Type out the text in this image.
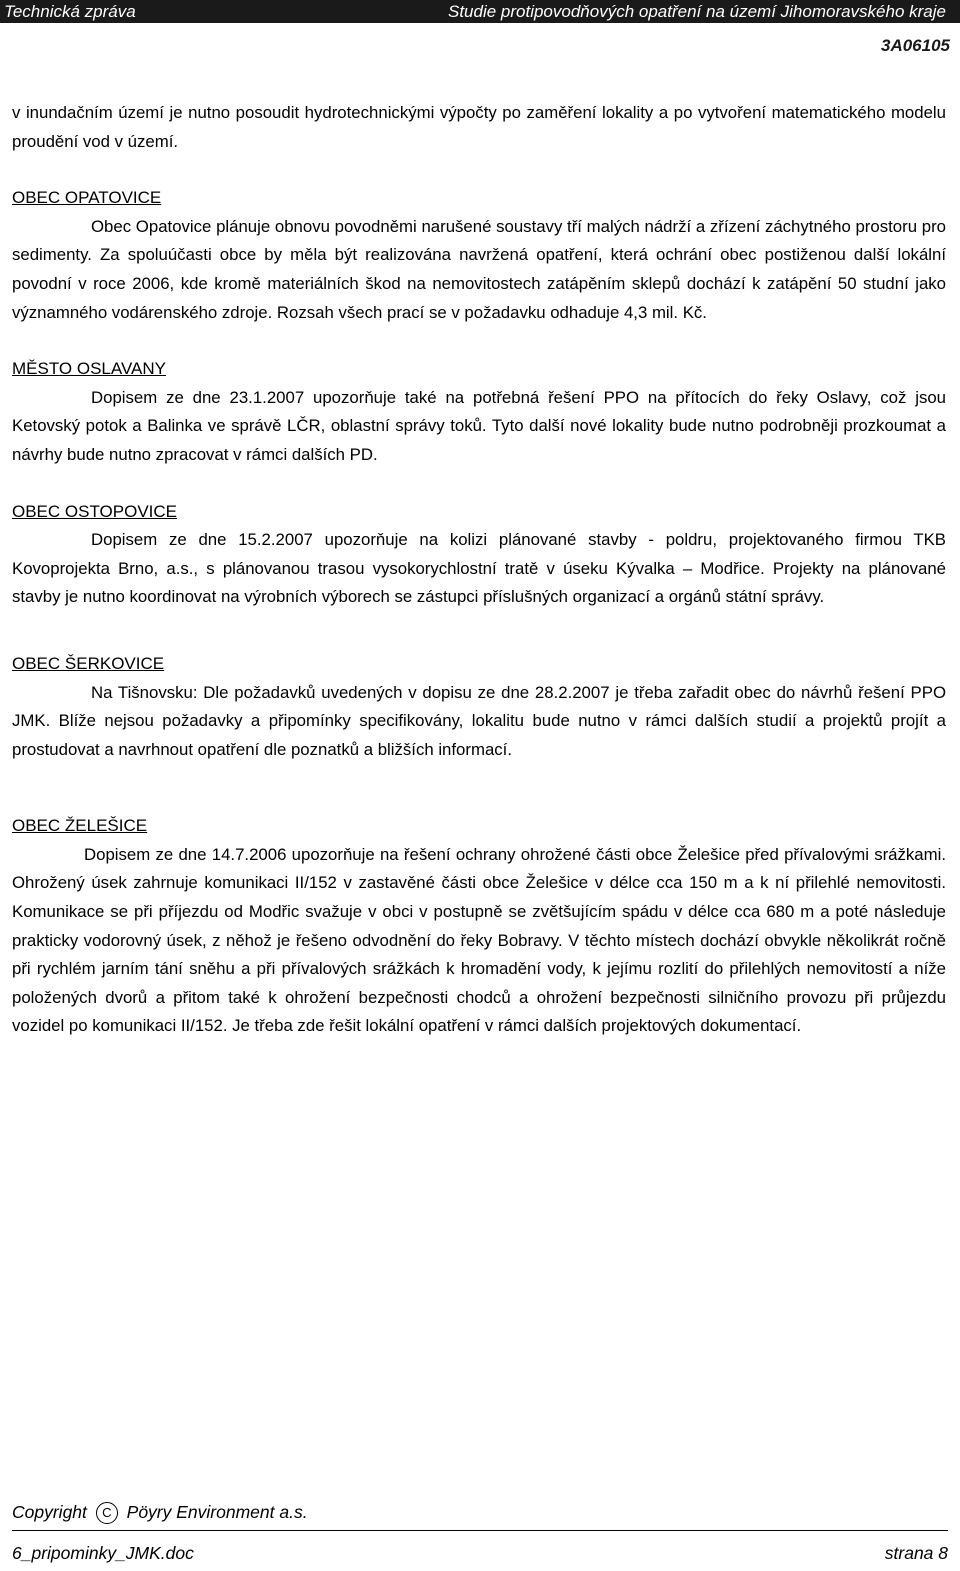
Technická zpráva	Studie protipovodňových opatření na území Jihomoravského kraje
3A06105

v inundačním území je nutno posoudit hydrotechnickými výpočty po zaměření lokality a po vytvoření matematického modelu proudění vod v území.

OBEC OPATOVICE

Obec Opatovice plánuje obnovu povodněmi narušené soustavy tří malých nádrží a zřízení záchytného prostoru pro sedimenty. Za spoluúčasti obce by měla být realizována navržená opatření, která ochrání obec postiženou další lokální povodní v roce 2006, kde kromě materiálních škod na nemovitostech zatápěním sklepů dochází k zatápění 50 studní jako významného vodárenského zdroje. Rozsah všech prací se v požadavku odhaduje 4,3 mil. Kč.

MĚSTO OSLAVANY

Dopisem ze dne 23.1.2007 upozorňuje také na potřebná řešení PPO na přítocích do řeky Oslavy, což jsou Ketovský potok a Balinka ve správě LČR, oblastní správy toků. Tyto další nové lokality bude nutno podrobněji prozkoumat a návrhy bude nutno zpracovat v rámci dalších PD.

OBEC OSTOPOVICE

Dopisem ze dne 15.2.2007 upozorňuje na kolizi plánované stavby - poldru, projektovaného firmou TKB Kovoprojekta Brno, a.s., s plánovanou trasou vysokorychlostní tratě v úseku Kývalka – Modřice. Projekty na plánované stavby je nutno koordinovat na výrobních výborech se zástupci příslušných organizací a orgánů státní správy.

OBEC ŠERKOVICE

Na Tišnovsku: Dle požadavků uvedených v dopisu ze dne 28.2.2007 je třeba zařadit obec do návrhů řešení PPO JMK. Blíže nejsou požadavky a připomínky specifikovány, lokalitu bude nutno v rámci dalších studií a projektů projít a prostudovat a navrhnout opatření dle poznatků a bližších informací.

OBEC ŽELEŠICE

Dopisem ze dne 14.7.2006 upozorňuje na řešení ochrany ohrožené části obce Želešice před přívalovými srážkami. Ohrožený úsek zahrnuje komunikaci II/152 v zastavěné části obce Želešice v délce cca 150 m a k ní přilehlé nemovitosti. Komunikace se při příjezdu od Modřic svažuje v obci v postupně se zvětšujícím spádu v délce cca 680 m a poté následuje prakticky vodorovný úsek, z něhož je řešeno odvodnění do řeky Bobravy. V těchto místech dochází obvykle několikrát ročně při rychlém jarním tání sněhu a při přívalových srážkách k hromadění vody, k jejímu rozlití do přilehlých nemovitostí a níže položených dvorů a přitom také k ohrožení bezpečnosti chodců a ohrožení bezpečnosti silničního provozu při průjezdu vozidel po komunikaci II/152. Je třeba zde řešit lokální opatření v rámci dalších projektových dokumentací.

Copyright C Pöyry Environment a.s.
6_pripominky_JMK.doc	strana 8
